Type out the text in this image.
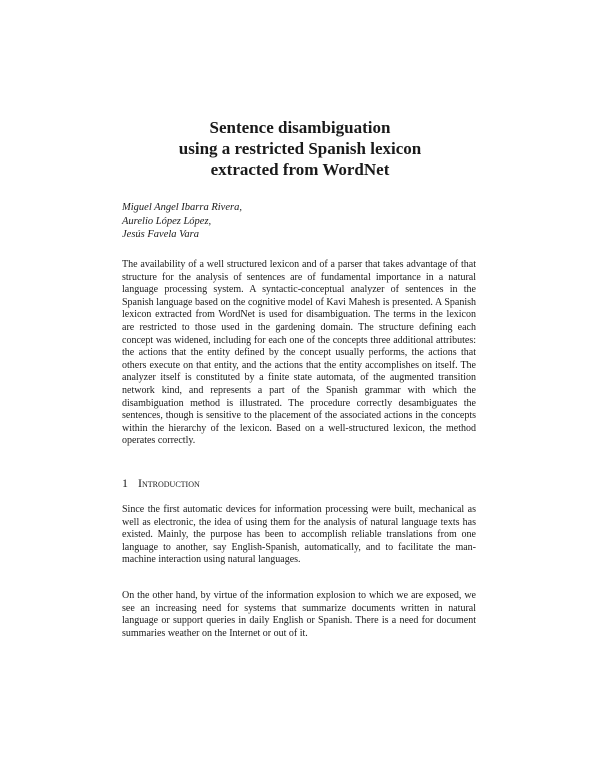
Sentence disambiguation
using a restricted Spanish lexicon
extracted from WordNet
Miguel Angel Ibarra Rivera,
Aurelio López López,
Jesús Favela Vara

The availability of a well structured lexicon and of a parser that takes advantage of that structure for the analysis of sentences are of fundamental importance in a natural language processing system. A syntactic-conceptual analyzer of sentences in the Spanish language based on the cognitive model of Kavi Mahesh is presented. A Spanish lexicon extracted from WordNet is used for disambiguation. The terms in the lexicon are restricted to those used in the gardening domain. The structure defining each concept was widened, including for each one of the concepts three additional attributes: the actions that the entity defined by the concept usually performs, the actions that others execute on that entity, and the actions that the entity accomplishes on itself. The analyzer itself is constituted by a finite state automata, of the augmented transition network kind, and represents a part of the Spanish grammar with which the disambiguation method is illustrated. The procedure correctly desambiguates the sentences, though is sensitive to the placement of the associated actions in the concepts within the hierarchy of the lexicon. Based on a well-structured lexicon, the method operates correctly.

1 Introduction

Since the first automatic devices for information processing were built, mechanical as well as electronic, the idea of using them for the analysis of natural language texts has existed. Mainly, the purpose has been to accomplish reliable translations from one language to another, say English-Spanish, automatically, and to facilitate the man-machine interaction using natural languages.

On the other hand, by virtue of the information explosion to which we are exposed, we see an increasing need for systems that summarize documents written in natural language or support queries in daily English or Spanish. There is a need for document summaries weather on the Internet or out of it.
